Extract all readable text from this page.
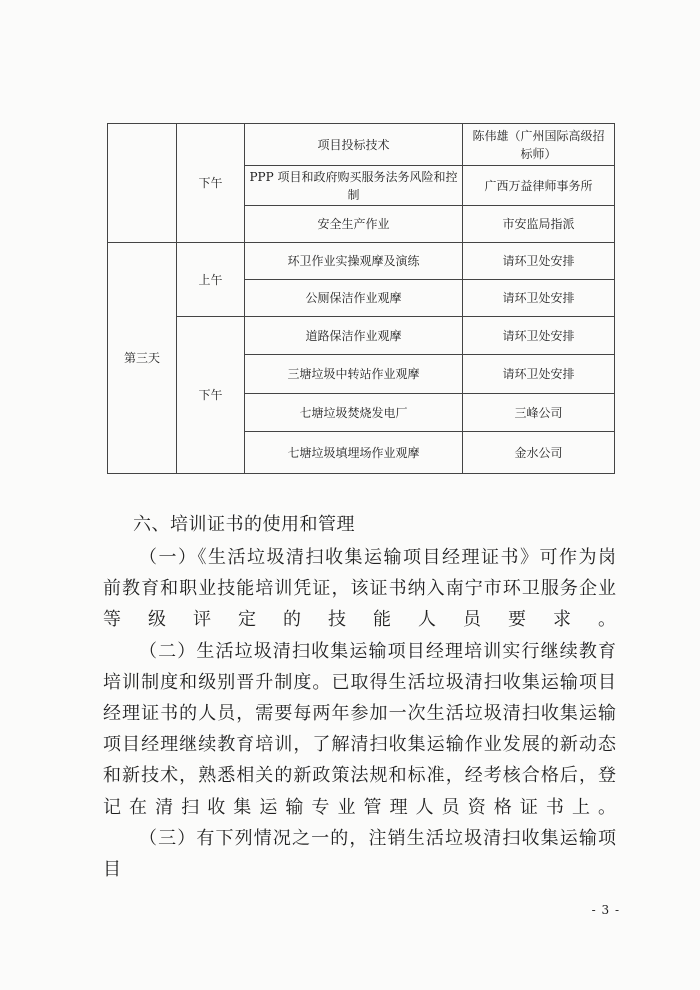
	下午	项目投标技术	陈伟雄（广州国际高级招标师）
		PPP 项目和政府购买服务法务风险和控制	广西万益律师事务所
		安全生产作业	市安监局指派
第三天	上午	环卫作业实操观摩及演练	请环卫处安排
		公厕保洁作业观摩	请环卫处安排
	下午	道路保洁作业观摩	请环卫处安排
		三塘垃圾中转站作业观摩	请环卫处安排
		七塘垃圾焚烧发电厂	三峰公司
		七塘垃圾填埋场作业观摩	金水公司
六、培训证书的使用和管理

（一）《生活垃圾清扫收集运输项目经理证书》可作为岗前教育和职业技能培训凭证，该证书纳入南宁市环卫服务企业等级评定的技能人员要求。

（二）生活垃圾清扫收集运输项目经理培训实行继续教育培训制度和级别晋升制度。已取得生活垃圾清扫收集运输项目经理证书的人员，需要每两年参加一次生活垃圾清扫收集运输项目经理继续教育培训，了解清扫收集运输作业发展的新动态和新技术，熟悉相关的新政策法规和标准，经考核合格后，登记在清扫收集运输专业管理人员资格证书上。

（三）有下列情况之一的，注销生活垃圾清扫收集运输项目

- 3 -
